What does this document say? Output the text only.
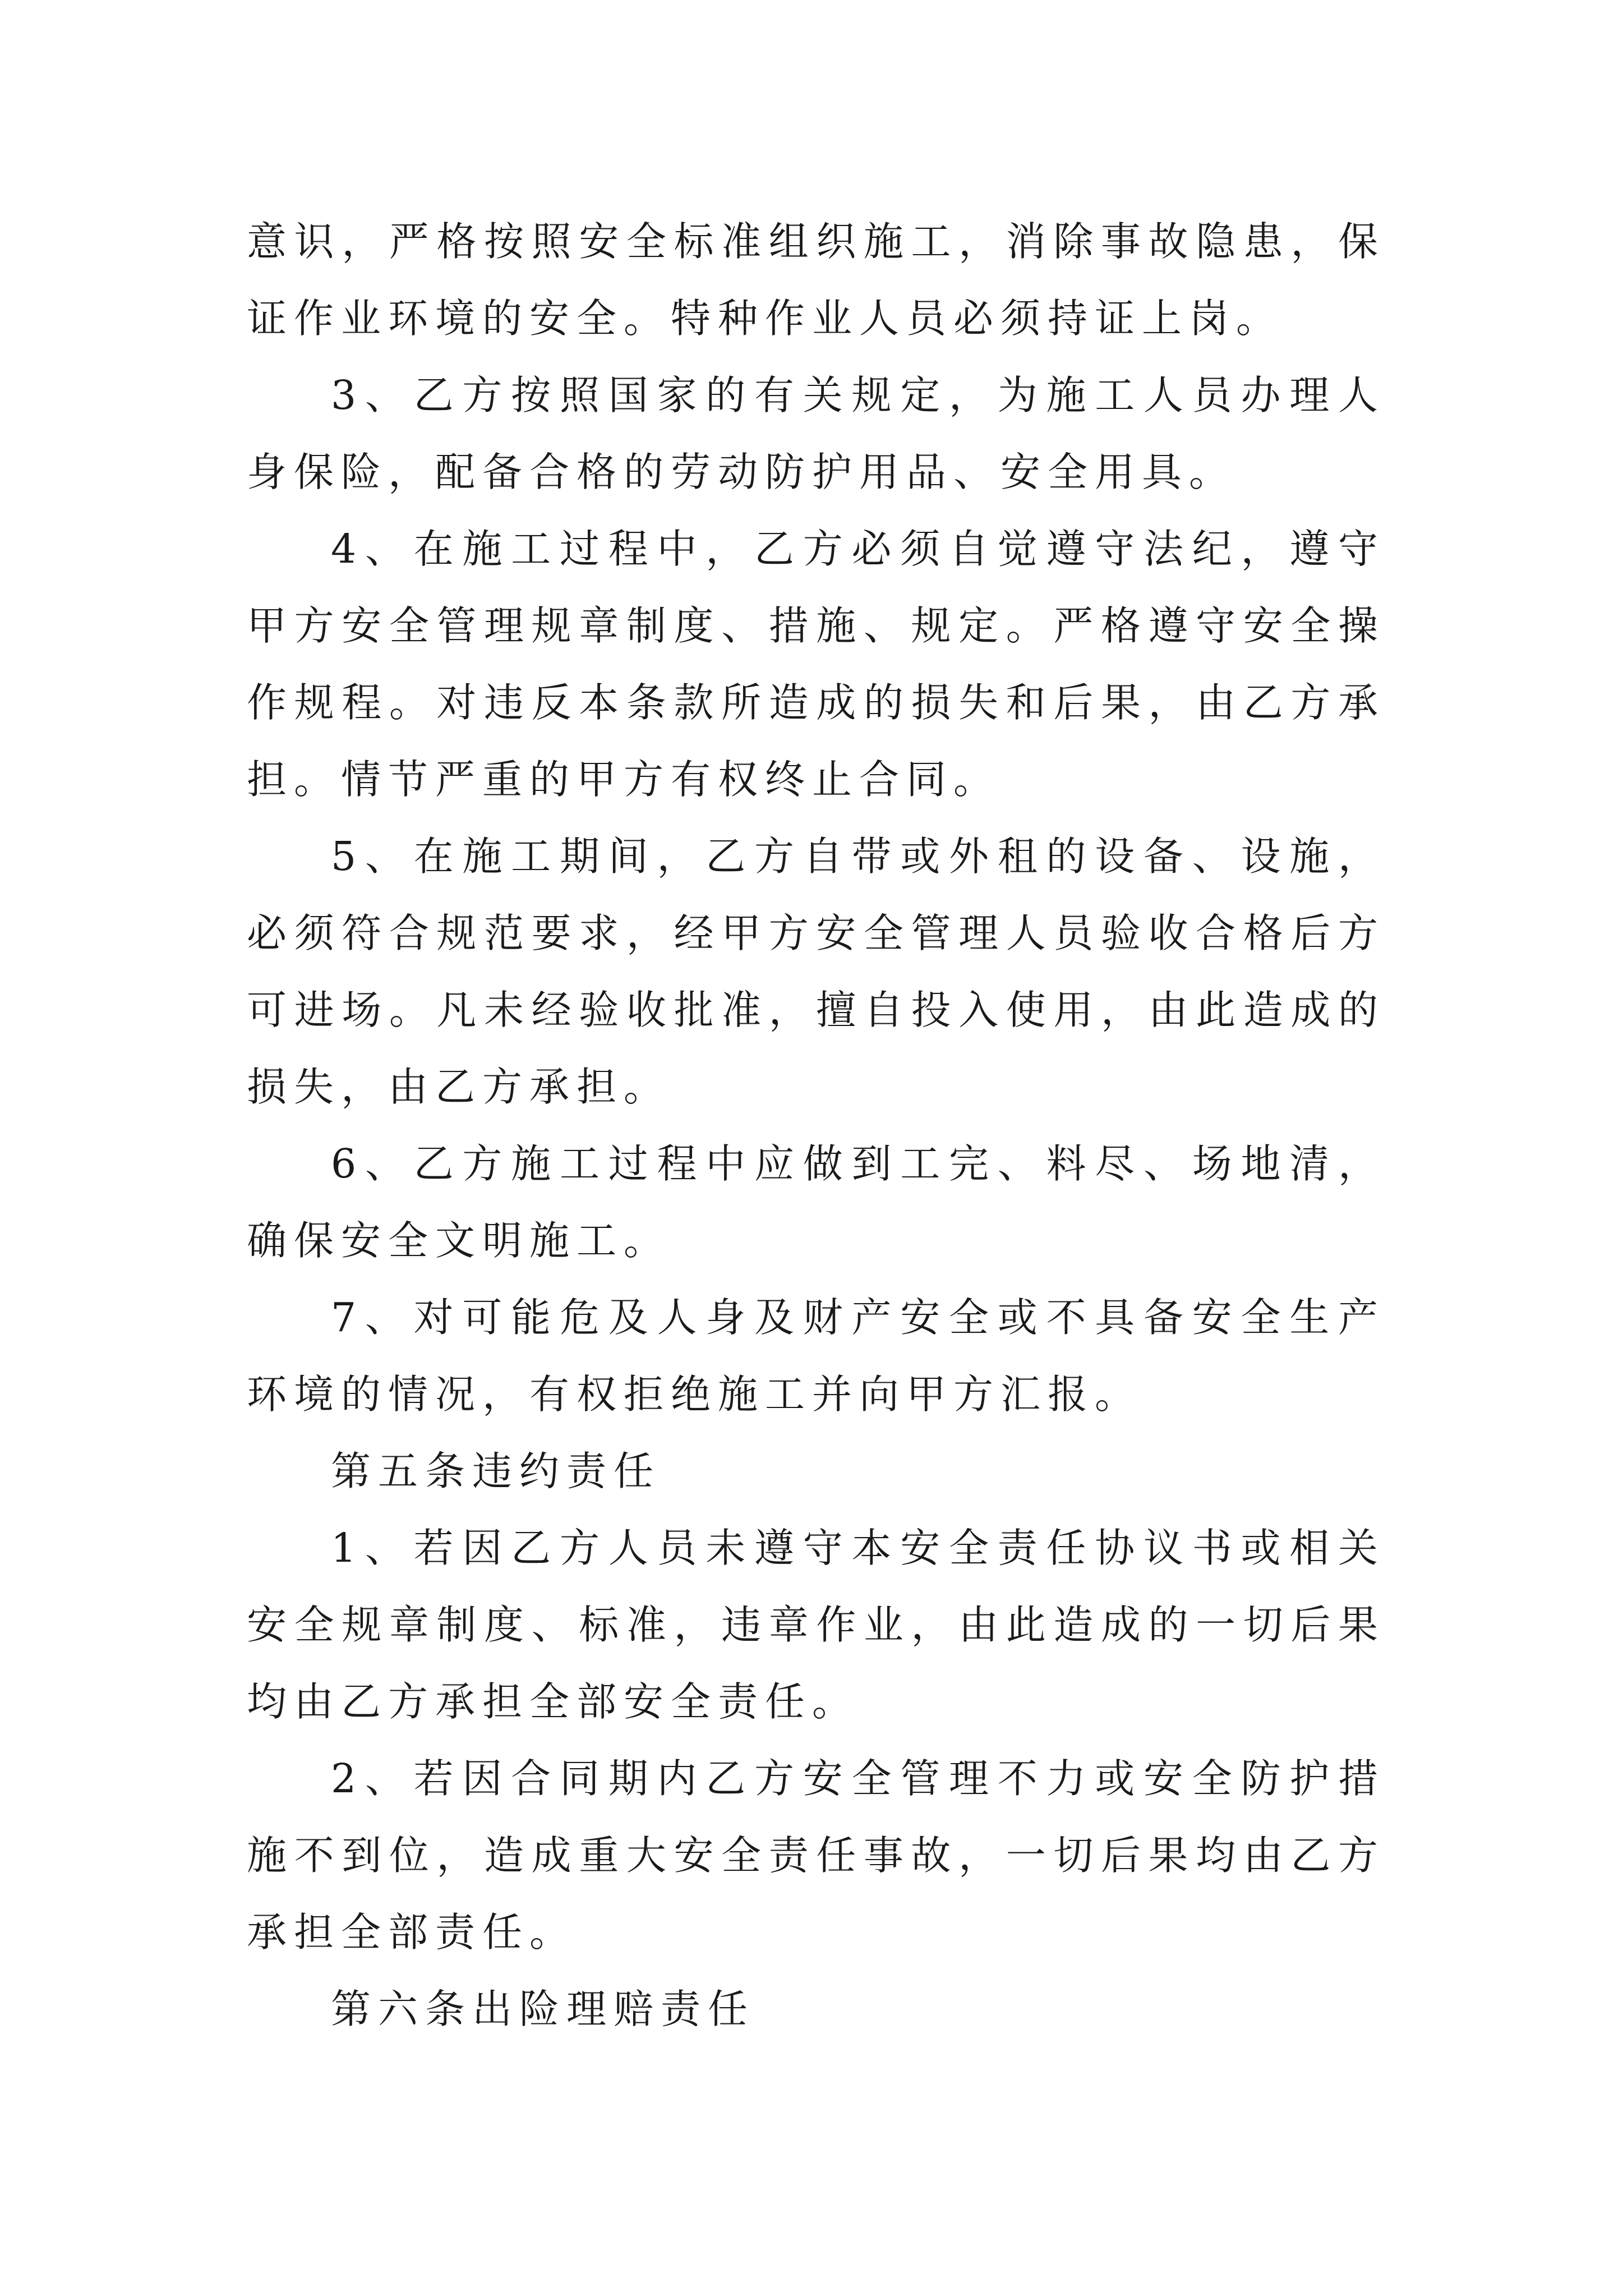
意识，严格按照安全标准组织施工，消除事故隐患，保证作业环境的安全。特种作业人员必须持证上岗。

3、乙方按照国家的有关规定，为施工人员办理人身保险，配备合格的劳动防护用品、安全用具。

4、在施工过程中，乙方必须自觉遵守法纪，遵守甲方安全管理规章制度、措施、规定。严格遵守安全操作规程。对违反本条款所造成的损失和后果，由乙方承担。情节严重的甲方有权终止合同。

5、在施工期间，乙方自带或外租的设备、设施，必须符合规范要求，经甲方安全管理人员验收合格后方可进场。凡未经验收批准，擅自投入使用，由此造成的损失，由乙方承担。

6、乙方施工过程中应做到工完、料尽、场地清，确保安全文明施工。

7、对可能危及人身及财产安全或不具备安全生产环境的情况，有权拒绝施工并向甲方汇报。

第五条违约责任

1、若因乙方人员未遵守本安全责任协议书或相关安全规章制度、标准，违章作业，由此造成的一切后果均由乙方承担全部安全责任。

2、若因合同期内乙方安全管理不力或安全防护措施不到位，造成重大安全责任事故，一切后果均由乙方承担全部责任。

第六条出险理赔责任
